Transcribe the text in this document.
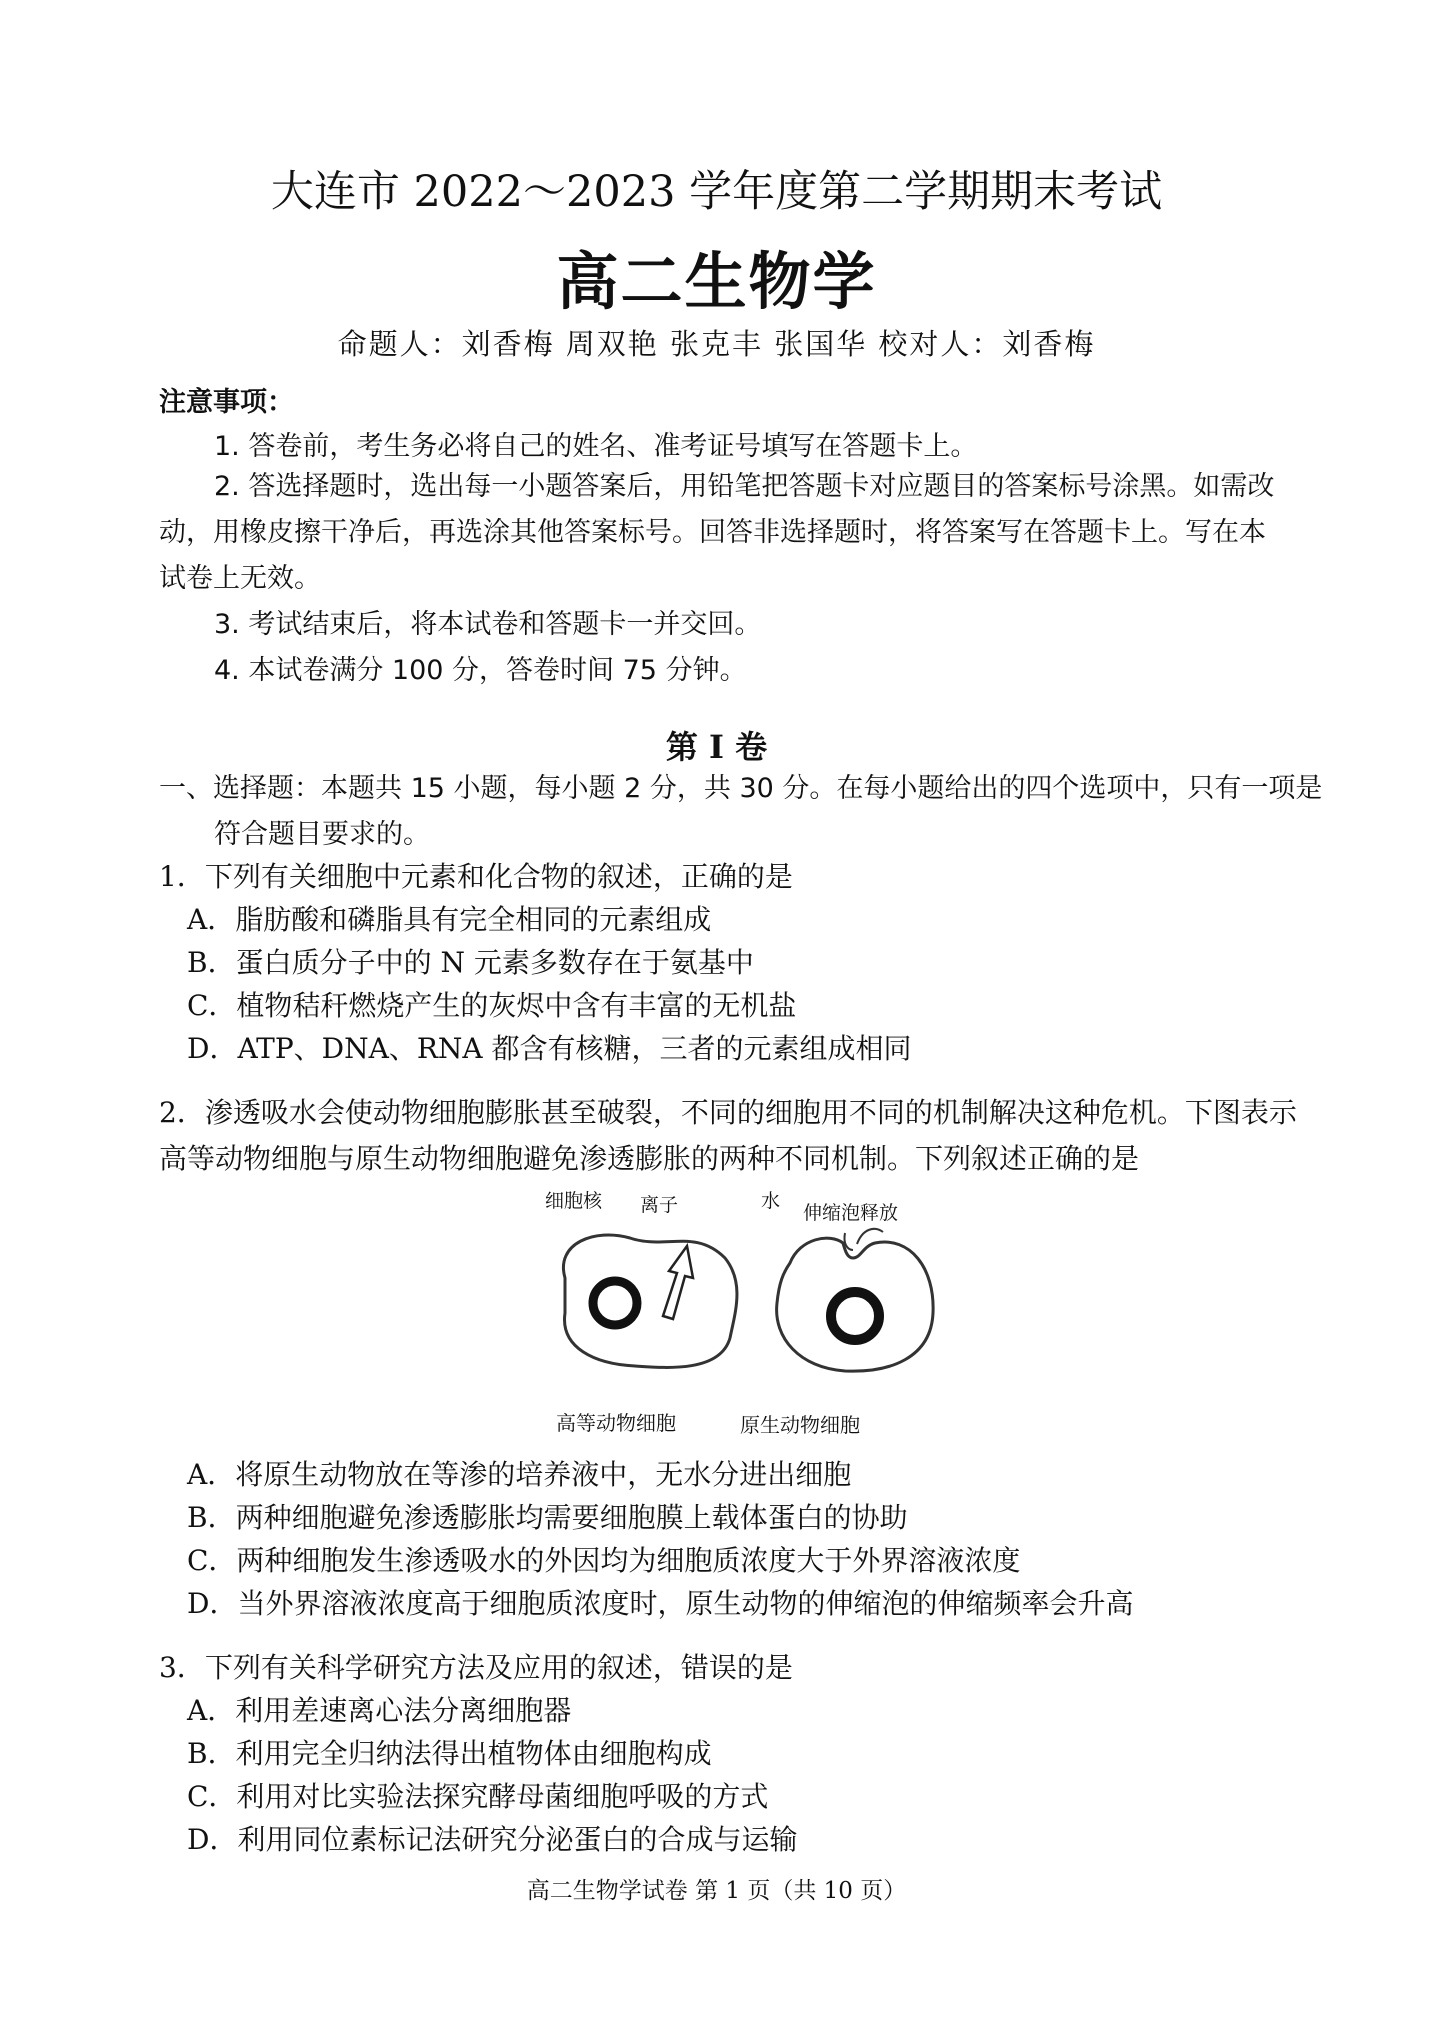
大连市 2022～2023 学年度第二学期期末考试
高二生物学
命题人：刘香梅 周双艳 张克丰 张国华 校对人：刘香梅
注意事项：
1. 答卷前，考生务必将自己的姓名、准考证号填写在答题卡上。
2. 答选择题时，选出每一小题答案后，用铅笔把答题卡对应题目的答案标号涂黑。如需改动，用橡皮擦干净后，再选涂其他答案标号。回答非选择题时，将答案写在答题卡上。写在本试卷上无效。
3. 考试结束后，将本试卷和答题卡一并交回。
4. 本试卷满分 100 分，答卷时间 75 分钟。
第 I 卷
一、选择题：本题共 15 小题，每小题 2 分，共 30 分。在每小题给出的四个选项中，只有一项是符合题目要求的。
1．下列有关细胞中元素和化合物的叙述，正确的是
A．脂肪酸和磷脂具有完全相同的元素组成
B．蛋白质分子中的 N 元素多数存在于氨基中
C．植物秸秆燃烧产生的灰烬中含有丰富的无机盐
D．ATP、DNA、RNA 都含有核糖，三者的元素组成相同
2．渗透吸水会使动物细胞膨胀甚至破裂，不同的细胞用不同的机制解决这种危机。下图表示高等动物细胞与原生动物细胞避免渗透膨胀的两种不同机制。下列叙述正确的是
细胞核 离子	水
伸缩泡释放
高等动物细胞	原生动物细胞
A．将原生动物放在等渗的培养液中，无水分进出细胞
B．两种细胞避免渗透膨胀均需要细胞膜上载体蛋白的协助
C．两种细胞发生渗透吸水的外因均为细胞质浓度大于外界溶液浓度
D．当外界溶液浓度高于细胞质浓度时，原生动物的伸缩泡的伸缩频率会升高
3．下列有关科学研究方法及应用的叙述，错误的是
A．利用差速离心法分离细胞器
B．利用完全归纳法得出植物体由细胞构成
C．利用对比实验法探究酵母菌细胞呼吸的方式
D．利用同位素标记法研究分泌蛋白的合成与运输
高二生物学试卷 第 1 页（共 10 页）
